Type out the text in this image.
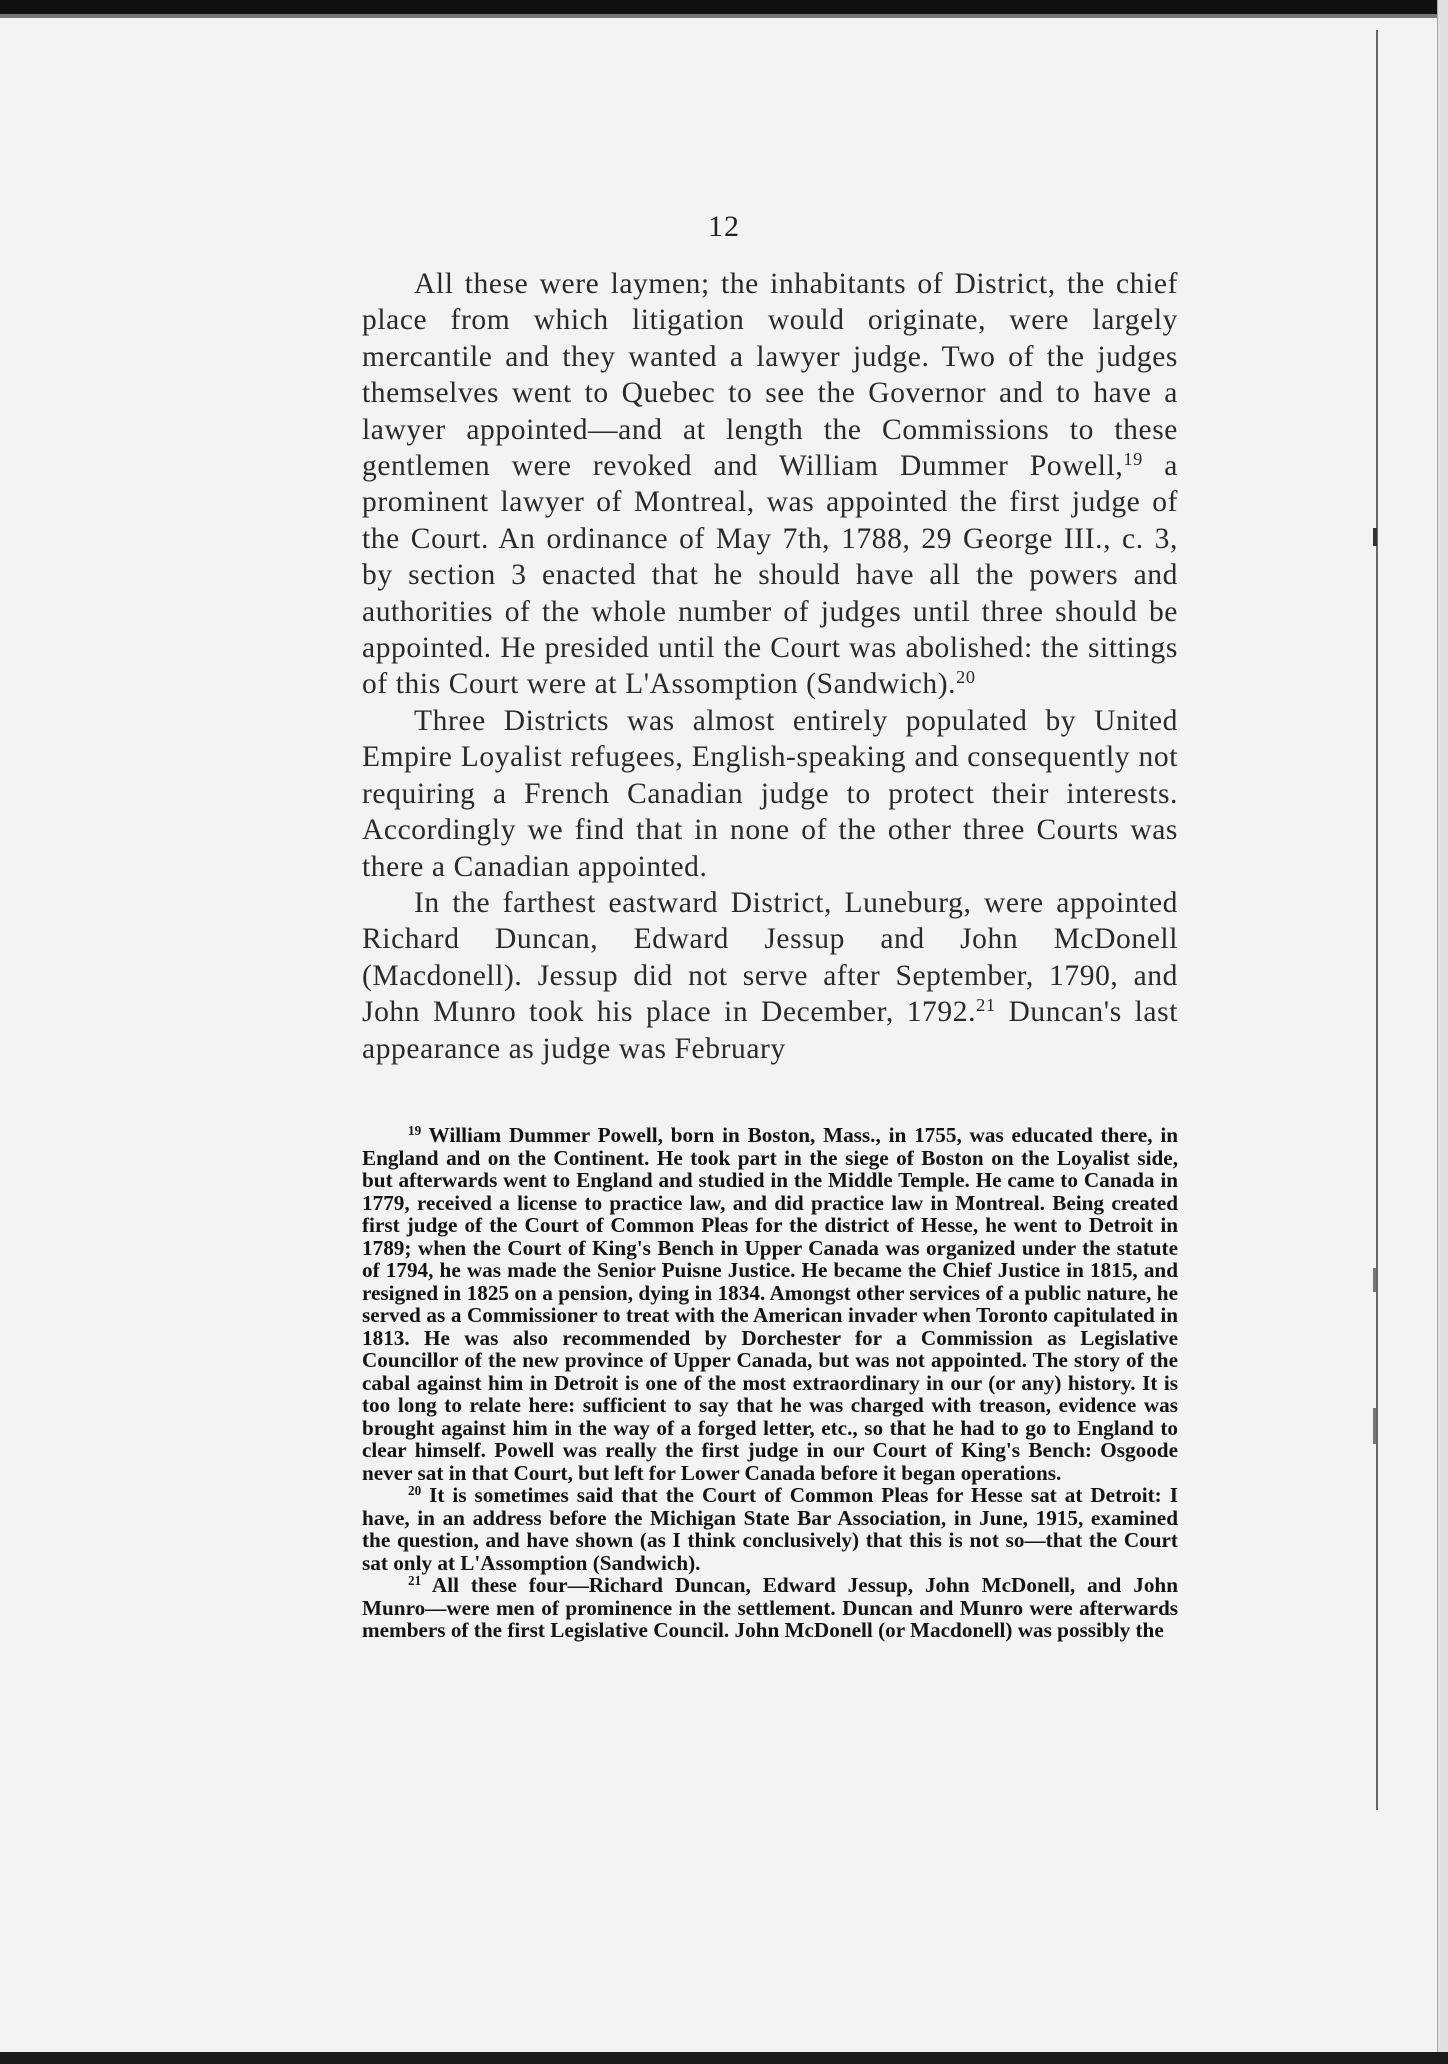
12

All these were laymen; the inhabitants of District, the chief place from which litigation would originate, were largely mercantile and they wanted a lawyer judge. Two of the judges themselves went to Quebec to see the Governor and to have a lawyer appointed—and at length the Commissions to these gentlemen were revoked and William Dummer Powell,$^{19}$ a prominent lawyer of Montreal, was appointed the first judge of the Court. An ordinance of May 7th, 1788, 29 George III., c. 3, by section 3 enacted that he should have all the powers and authorities of the whole number of judges until three should be appointed. He presided until the Court was abolished: the sittings of this Court were at L'Assomption (Sandwich).$^{20}$

Three Districts was almost entirely populated by United Empire Loyalist refugees, English-speaking and consequently not requiring a French Canadian judge to protect their interests. Accordingly we find that in none of the other three Courts was there a Canadian appointed.

In the farthest eastward District, Luneburg, were appointed Richard Duncan, Edward Jessup and John McDonell (Macdonell). Jessup did not serve after September, 1790, and John Munro took his place in December, 1792.21 Duncan's last appearance as judge was February

$^{19}$ William Dummer Powell, born in Boston, Mass., in 1755, was educated there, in England and on the Continent. He took part in the siege of Boston on the Loyalist side, but afterwards went to England and studied in the Middle Temple. He came to Canada in 1779, received a license to practice law, and did practice law in Montreal. Being created first judge of the Court of Common Pleas for the district of Hesse, he went to Detroit in 1789; when the Court of King's Bench in Upper Canada was organized under the statute of 1794, he was made the Senior Puisne Justice. He became the Chief Justice in 1815, and resigned in 1825 on a pension, dying in 1834. Amongst other services of a public nature, he served as a Commissioner to treat with the American invader when Toronto capitulated in 1813. He was also recommended by Dorchester for a Commission as Legislative Councillor of the new province of Upper Canada, but was not appointed. The story of the cabal against him in Detroit is one of the most extraordinary in our (or any) history. It is too long to relate here: sufficient to say that he was charged with treason, evidence was brought against him in the way of a forged letter, etc., so that he had to go to England to clear himself. Powell was really the first judge in our Court of King's Bench: Osgoode never sat in that Court, but left for Lower Canada before it began operations.

$^{20}$ It is sometimes said that the Court of Common Pleas for Hesse sat at Detroit: I have, in an address before the Michigan State Bar Association, in June, 1915, examined the question, and have shown (as I think conclusively) that this is not so—that the Court sat only at L'Assomption (Sandwich).

$^{21}$ All these four—Richard Duncan, Edward Jessup, John McDonell, and John Munro—were men of prominence in the settlement. Duncan and Munro were afterwards members of the first Legislative Council. John McDonell (or Macdonell) was possibly the
